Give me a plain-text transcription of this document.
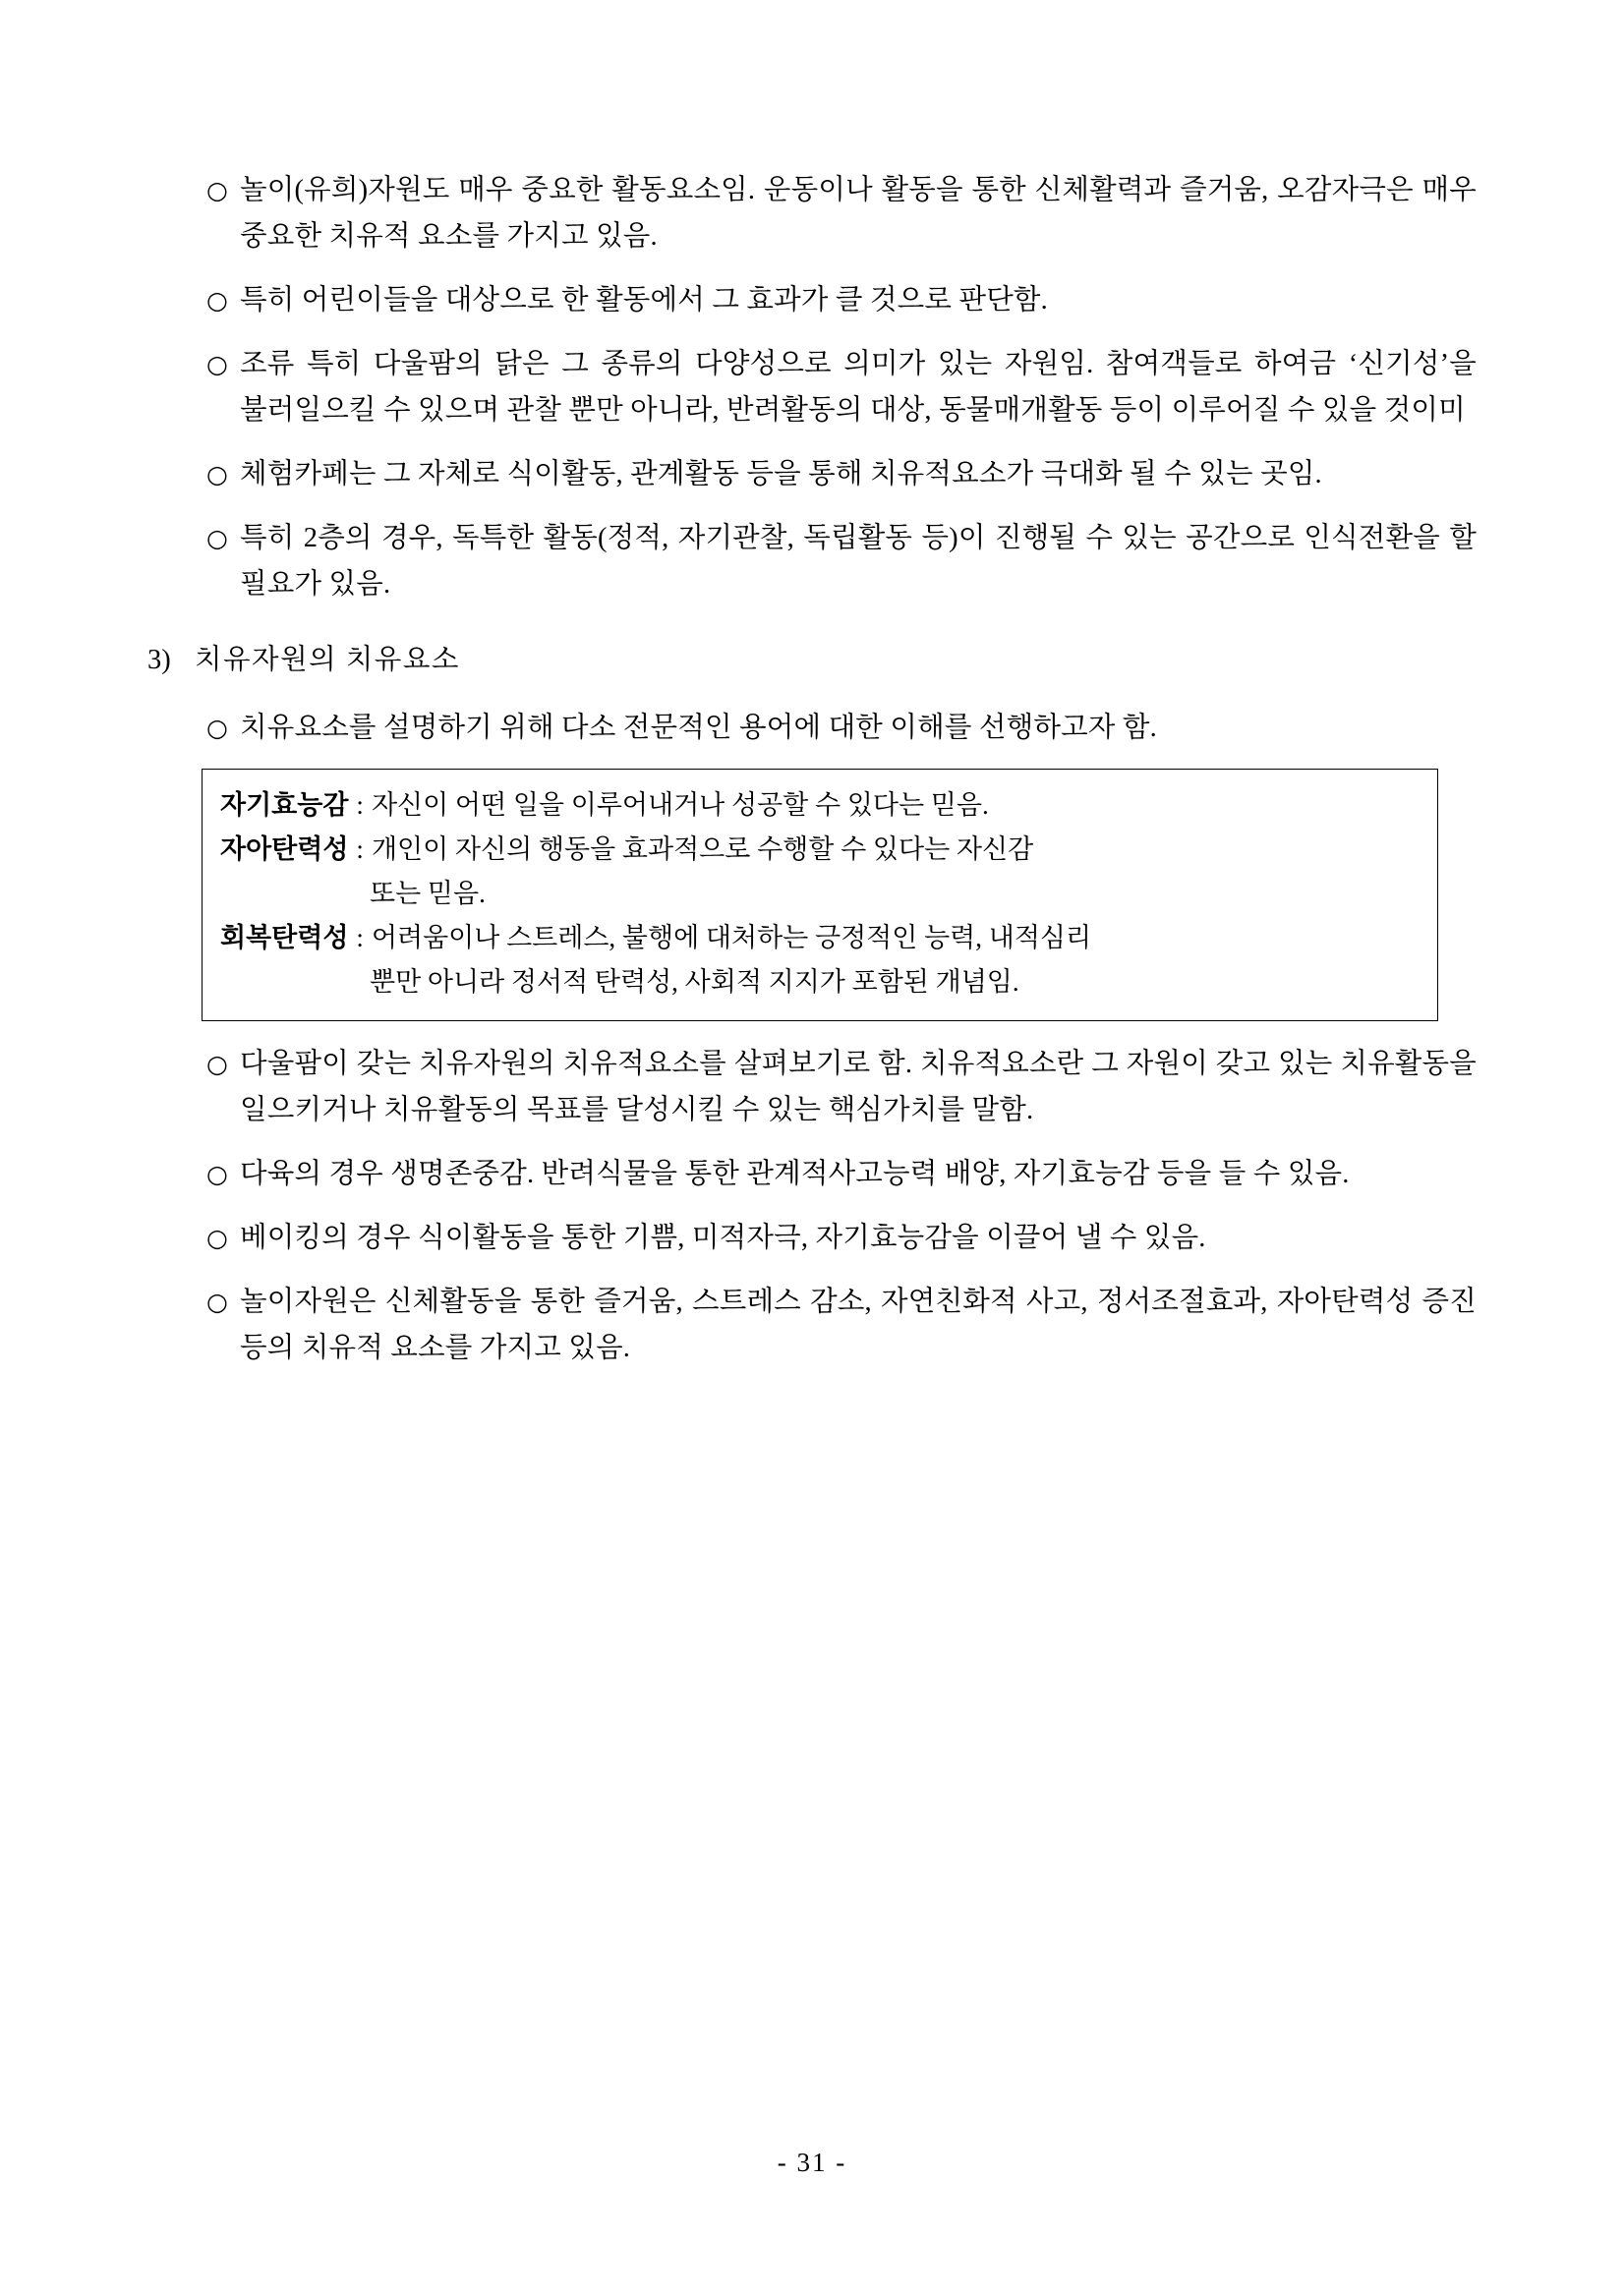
○ 놀이(유희)자원도 매우 중요한 활동요소임. 운동이나 활동을 통한 신체활력과 즐거움, 오감자극은 매우 중요한 치유적 요소를 가지고 있음.
○ 특히 어린이들을 대상으로 한 활동에서 그 효과가 클 것으로 판단함.
○ 조류 특히 다울팜의 닭은 그 종류의 다양성으로 의미가 있는 자원임. 참여객들로 하여금 ‘신기성’을 불러일으킬 수 있으며 관찰 뿐만 아니라, 반려활동의 대상, 동물매개활동 등이 이루어질 수 있을 것이미
○ 체험카페는 그 자체로 식이활동, 관계활동 등을 통해 치유적요소가 극대화 될 수 있는 곳임.
○ 특히 2층의 경우, 독특한 활동(정적, 자기관찰, 독립활동 등)이 진행될 수 있는 공간으로 인식전환을 할 필요가 있음.
3) 치유자원의 치유요소
○ 치유요소를 설명하기 위해 다소 전문적인 용어에 대한 이해를 선행하고자 함.
자기효능감 : 자신이 어떤 일을 이루어내거나 성공할 수 있다는 믿음.
자아탄력성 : 개인이 자신의 행동을 효과적으로 수행할 수 있다는 자신감
또는 믿음.
회복탄력성 : 어려움이나 스트레스, 불행에 대처하는 긍정적인 능력, 내적심리
뿐만 아니라 정서적 탄력성, 사회적 지지가 포함된 개념임.
○ 다울팜이 갖는 치유자원의 치유적요소를 살펴보기로 함. 치유적요소란 그 자원이 갖고 있는 치유활동을 일으키거나 치유활동의 목표를 달성시킬 수 있는 핵심가치를 말함.
○ 다육의 경우 생명존중감. 반려식물을 통한 관계적사고능력 배양, 자기효능감 등을 들 수 있음.
○ 베이킹의 경우 식이활동을 통한 기쁨, 미적자극, 자기효능감을 이끌어 낼 수 있음.
○ 놀이자원은 신체활동을 통한 즐거움, 스트레스 감소, 자연친화적 사고, 정서조절효과, 자아탄력성 증진 등의 치유적 요소를 가지고 있음.
- 31 -
